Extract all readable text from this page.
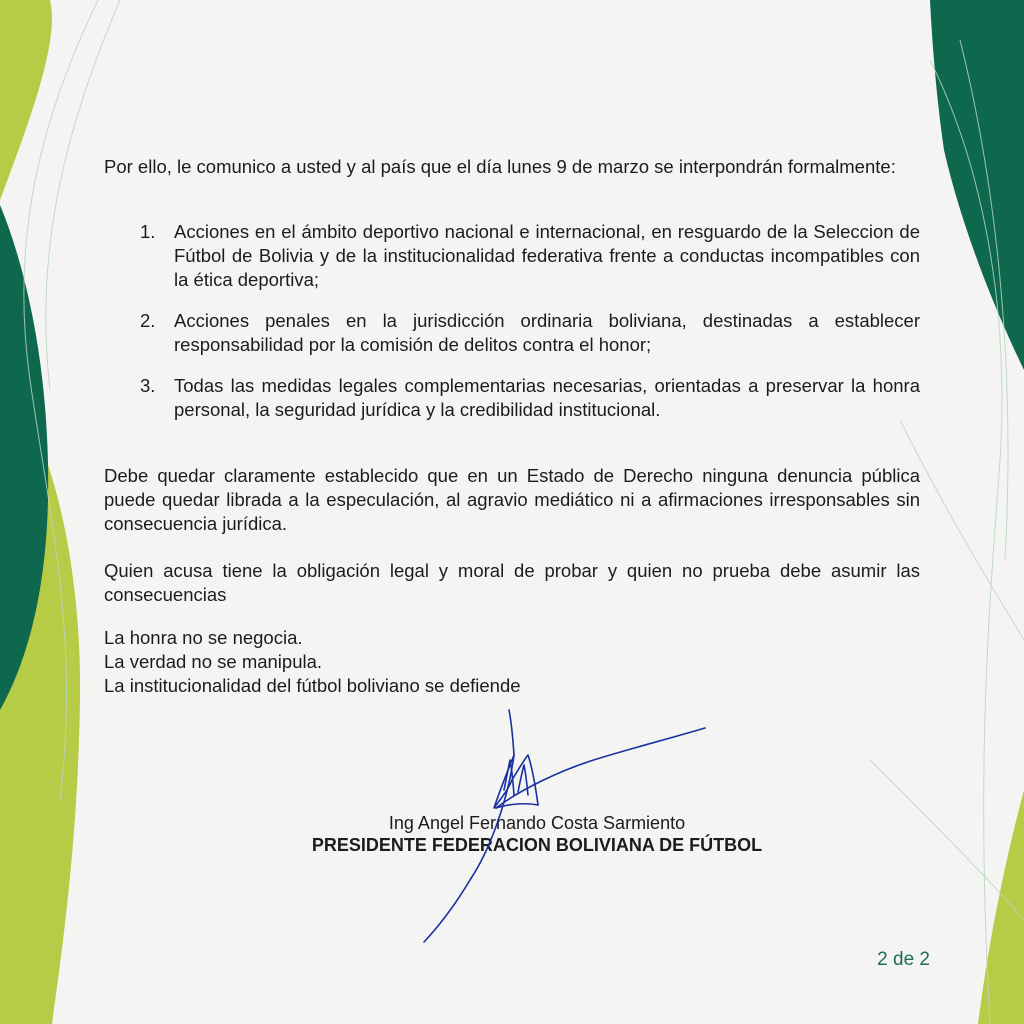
Por ello, le comunico a usted y al país que el día lunes 9 de marzo se interpondrán formalmente:

1.	Acciones en el ámbito deportivo nacional e internacional, en resguardo de la Seleccion de Fútbol de Bolivia y de la institucionalidad federativa frente a conductas incompatibles con la ética deportiva;
2.	Acciones penales en la jurisdicción ordinaria boliviana, destinadas a establecer responsabilidad por la comisión de delitos contra el honor;
3.	Todas las medidas legales complementarias necesarias, orientadas a preservar la honra personal, la seguridad jurídica y la credibilidad institucional.

Debe quedar claramente establecido que en un Estado de Derecho ninguna denuncia pública puede quedar librada a la especulación, al agravio mediático ni a afirmaciones irresponsables sin consecuencia jurídica.

Quien acusa tiene la obligación legal y moral de probar y quien no prueba debe asumir las consecuencias

La honra no se negocia.
La verdad no se manipula.
La institucionalidad del fútbol boliviano se defiende
Ing Angel Fernando Costa Sarmiento
PRESIDENTE FEDERACION BOLIVIANA DE FÚTBOL
2 de 2
